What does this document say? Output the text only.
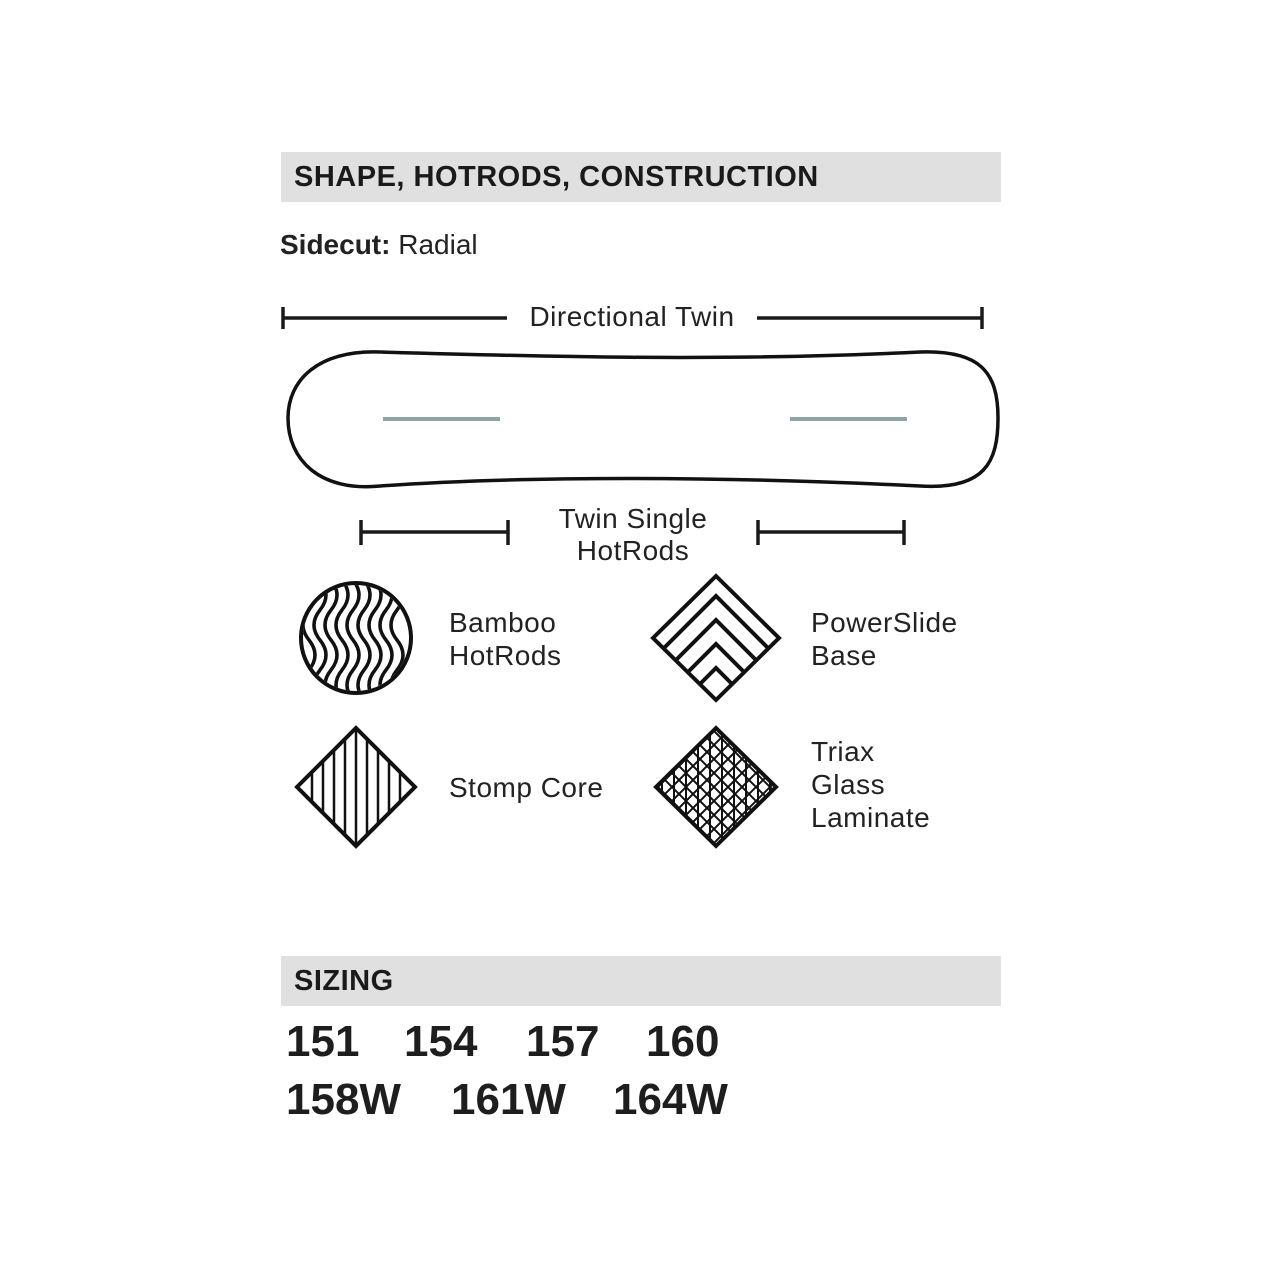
SHAPE, HOTRODS, CONSTRUCTION
Sidecut: Radial
Directional Twin
Twin Single
HotRods
Bamboo
HotRods
PowerSlide
Base
Stomp Core
Triax
Glass
Laminate
SIZING
151	154	157	160
158W	161W	164W
